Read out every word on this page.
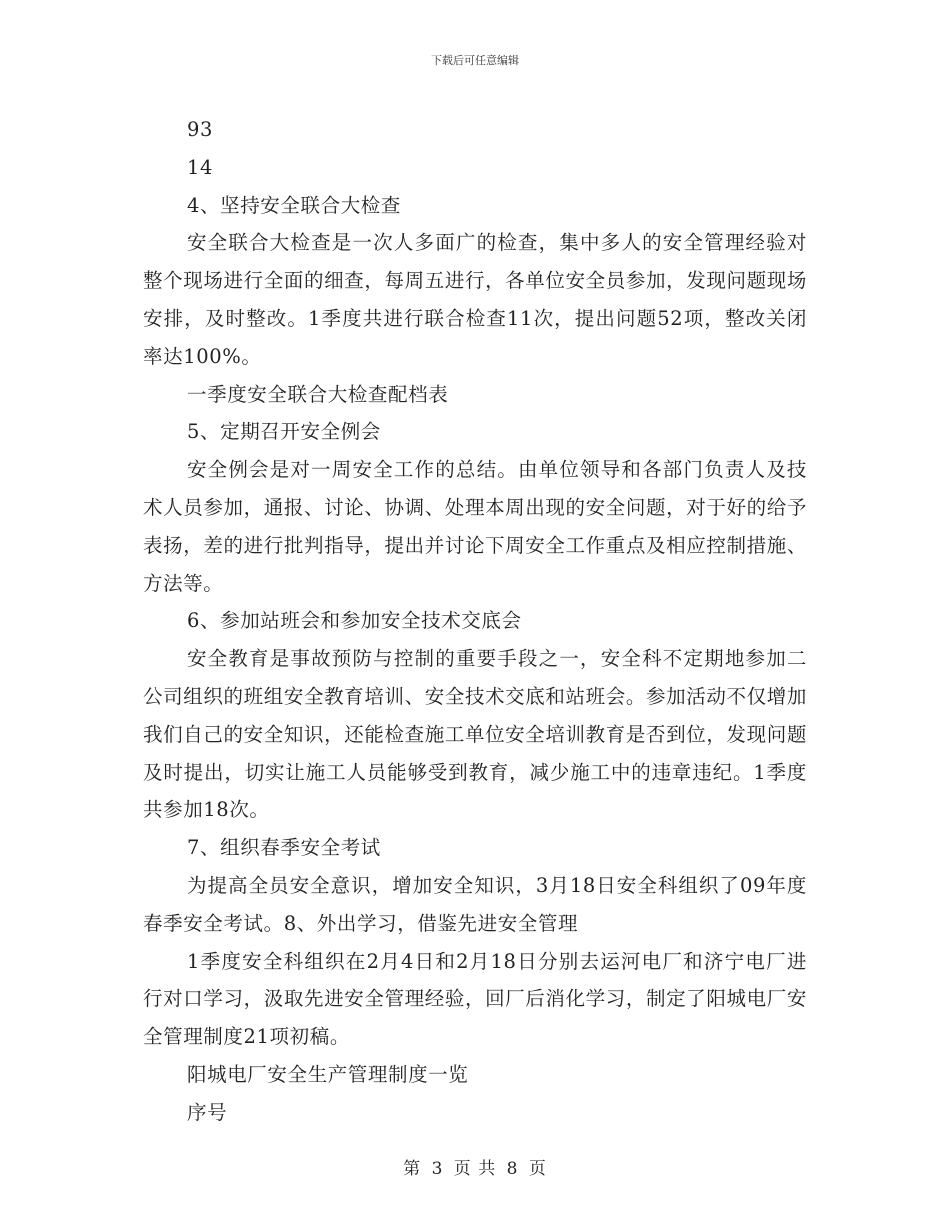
下载后可任意编辑

93

14

4、坚持安全联合大检查

安全联合大检查是一次人多面广的检查，集中多人的安全管理经验对整个现场进行全面的细查，每周五进行，各单位安全员参加，发现问题现场安排，及时整改。1季度共进行联合检查11次，提出问题52项，整改关闭率达100%。

一季度安全联合大检查配档表

5、定期召开安全例会

安全例会是对一周安全工作的总结。由单位领导和各部门负责人及技术人员参加，通报、讨论、协调、处理本周出现的安全问题，对于好的给予表扬，差的进行批判指导，提出并讨论下周安全工作重点及相应控制措施、方法等。

6、参加站班会和参加安全技术交底会

安全教育是事故预防与控制的重要手段之一，安全科不定期地参加二公司组织的班组安全教育培训、安全技术交底和站班会。参加活动不仅增加我们自己的安全知识，还能检查施工单位安全培训教育是否到位，发现问题及时提出，切实让施工人员能够受到教育，减少施工中的违章违纪。1季度共参加18次。

7、组织春季安全考试

为提高全员安全意识，增加安全知识，3月18日安全科组织了09年度春季安全考试。8、外出学习，借鉴先进安全管理

1季度安全科组织在2月4日和2月18日分别去运河电厂和济宁电厂进行对口学习，汲取先进安全管理经验，回厂后消化学习，制定了阳城电厂安全管理制度21项初稿。

阳城电厂安全生产管理制度一览

序号

第 3 页 共 8 页
